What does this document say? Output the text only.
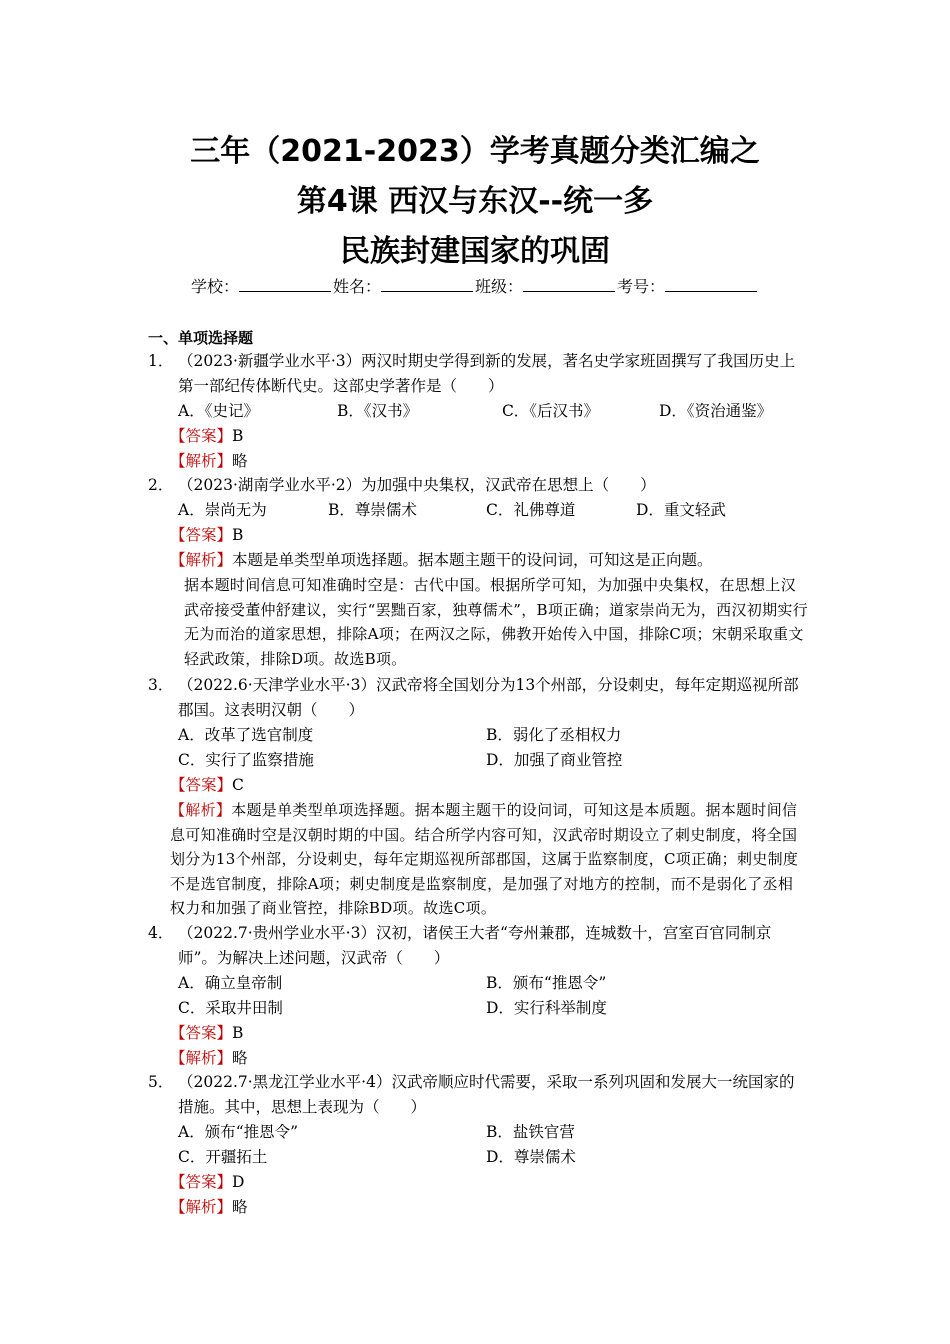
三年（2021-2023）学考真题分类汇编之
第4课 西汉与东汉--统一多
民族封建国家的巩固
学校：	姓名：	班级：	考号：
一、单项选择题
1． （2023·新疆学业水平·3）两汉时期史学得到新的发展，著名史学家班固撰写了我国历史上第一部纪传体断代史。这部史学著作是（　　）
A．《史记》	B．《汉书》	C．《后汉书》	D．《资治通鉴》
【答案】B
【解析】略
2． （2023·湖南学业水平·2）为加强中央集权，汉武帝在思想上（　　）
A．崇尚无为	B．尊崇儒术	C．礼佛尊道	D．重文轻武
【答案】B
【解析】本题是单类型单项选择题。据本题主题干的设问词，可知这是正向题。
据本题时间信息可知准确时空是：古代中国。根据所学可知，为加强中央集权，在思想上汉武帝接受董仲舒建议，实行“罢黜百家，独尊儒术”，B项正确；道家崇尚无为，西汉初期实行无为而治的道家思想，排除A项；在两汉之际，佛教开始传入中国，排除C项；宋朝采取重文轻武政策，排除D项。故选B项。
3． （2022.6·天津学业水平·3）汉武帝将全国划分为13个州部，分设刺史，每年定期巡视所部郡国。这表明汉朝（　　）
A．改革了选官制度	B．弱化了丞相权力
C．实行了监察措施	D．加强了商业管控
【答案】C
【解析】本题是单类型单项选择题。据本题主题干的设问词，可知这是本质题。据本题时间信息可知准确时空是汉朝时期的中国。结合所学内容可知，汉武帝时期设立了刺史制度，将全国划分为13个州部，分设刺史，每年定期巡视所部郡国，这属于监察制度，C项正确；刺史制度不是选官制度，排除A项；刺史制度是监察制度，是加强了对地方的控制，而不是弱化了丞相权力和加强了商业管控，排除BD项。故选C项。
4． （2022.7·贵州学业水平·3）汉初，诸侯王大者“夸州兼郡，连城数十，宫室百官同制京师”。为解决上述问题，汉武帝（　　）
A．确立皇帝制	B．颁布“推恩令”
C．采取井田制	D．实行科举制度
【答案】B
【解析】略
5． （2022.7·黑龙江学业水平·4）汉武帝顺应时代需要，采取一系列巩固和发展大一统国家的措施。其中，思想上表现为（　　）
A．颁布“推恩令”	B．盐铁官营
C．开疆拓土	D．尊崇儒术
【答案】D
【解析】略
